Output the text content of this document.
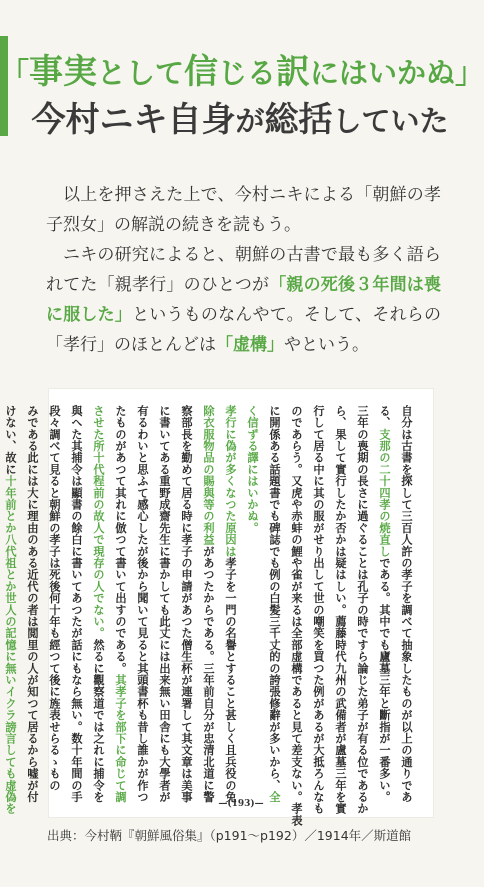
「事実として信じる訳にはいかぬ」
今村ニキ自身が総括していた

以上を押さえた上で、今村ニキによる「朝鮮の孝子烈女」の解説の続きを読もう。

ニキの研究によると、朝鮮の古書で最も多く語られてた「親孝行」のひとつが「親の死後３年間は喪に服した」というものなんやて。そして、それらの「孝行」のほとんどは「虚構」やという。

自分は古書を探して三百人許の孝子を調べて抽象したものが以上の通りであ
る、支那の二十四孝の焼直しである。其中でも廬墓三年と斷指が一番多い。
三年の喪期の長さに過ぐることは孔子の時ですら論じた弟子が有る位であるか
ら、果して實行したか否かは疑はしい。薦藤時代九州の武備者が盧墓三年を實
行して居る中に其の服がせり出して世の嘲笑を買つた例があるが大抵ろんなも
のであらう。又虎や赤蚌の鯉や雀が来るは全部虚構であると見て差支ない。孝表
に開係ある話題書でも碑誌でも例の白髪三千丈的の誇張修辭が多いから、全
く信ずる譯にはいかぬ。
孝行に偽が多くなつた原因は孝子を一門の名譽とすること甚しく且兵役の免
除衣服物品の賜與等の利益があつたからである。三年前自分が忠清北道に警
察部長を勤めて居る時に孝子の申請があつた僧生杯が連署して其文章は美事
に書いてある重野成齋先生に書かしても此丈には出来無い田舎にも大學者が
有るわいと思ふて感心したが後から聞いて見ると其頭書杯も昔し誰かが作つ
たものがあつて其れに倣つて書いて出すのである。其孝子を部下に命じて調
させた所十代程前の故人で現存の人でない。然るに觀察道では之れに捕令を
與へた其捕令は顯書の餘白に書いてあつたが話にもなら無い。数十年間の手
段々調べて見ると朝鮮の孝子は死後何十年も經つて後に旌表せらるゝもの
みである此には大に理由のある近代の者は閲里の人が知つて居るから嘘が付
けない、故に十年前とか八代祖とか世人の記憶に無いイクラ謗言しても虚偽を	—(193)—
出典：今村鞆『朝鮮風俗集』（p191〜p192）／1914年／斯道館
